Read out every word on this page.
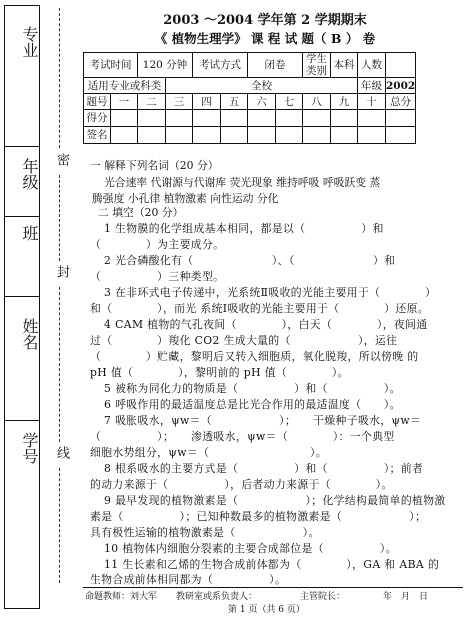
专业
年级
班
姓名
学号
密
封
线
2003 ～2004 学年第 2 学期期末
《 植物生理学》 课 程 试 题（ B ） 卷
考试时间		120 分钟		考试方式		闭卷		学生类别	本科	人数	
适用专业或科类			全校							年级	2002
题号	一	二	三	四	五	六	七	八	九	十	总分
得分											
签名											
一 解释下列名词（20 分）
光合速率 代谢源与代谢库 荧光现象 维持呼吸 呼吸跃变 蒸
腾强度 小孔律 植物激素 向性运动 分化
二 填空（20 分）
1 生物膜的化学组成基本相同，都是以（　　　　　）和
（　　　　）为主要成分。
2 光合磷酸化有（　　　　　　　）、（　　　　　　　）和
（　　　　　）三种类型。
3 在非环式电子传递中，光系统Ⅱ吸收的光能主要用于（　　　　）
和（　　　　），而光 系统Ⅰ吸收的光能主要用于（　　　　）还原。
4 CAM 植物的气孔夜间（　　　　），白天（　　　　），夜间通
过（　　　　）羧化 CO2 生成大量的（　　　　　　），运往
（　　　　）贮藏，黎明后又转入细胞质，氧化脱羧，所以傍晚 的
pH 值（　　　　），黎明前的 pH 值（　　　　）。
5 被称为同化力的物质是（　　　　　）和（　　　　　）。
6 呼吸作用的最适温度总是比光合作用的最适温度（　　）。
7 吸胀吸水，ψw＝（　　　　　　）；　　干燥种子吸水，ψw＝
（　　　　　）；　　渗透吸水，ψw＝（　　　　）：一个典型
细胞水势组分，ψw＝（　　　　　　　　　）。
8 根系吸水的主要方式是（　　　　　）和（　　　　　）；前者
的动力来源于（　　　　　），后者动力来源于（　　　　）。
9 最早发现的植物激素是（　　　　　　）；化学结构最简单的植物激
素是（　　　　　）；已知种数最多的植物激素是（　　　　　　）；
具有极性运输的植物激素是（　　　　　　）。
10 植物体内细胞分裂素的主要合成部位是（　　　　　）。
11 生长素和乙烯的生物合成前体都为（　　　　），GA 和 ABA 的
生物合成前体相同都为（　　　　　）。
命题教师：刘大军 教研室或系负责人：	主管院长：	年　月　日
第 1 页（共 6 页）
